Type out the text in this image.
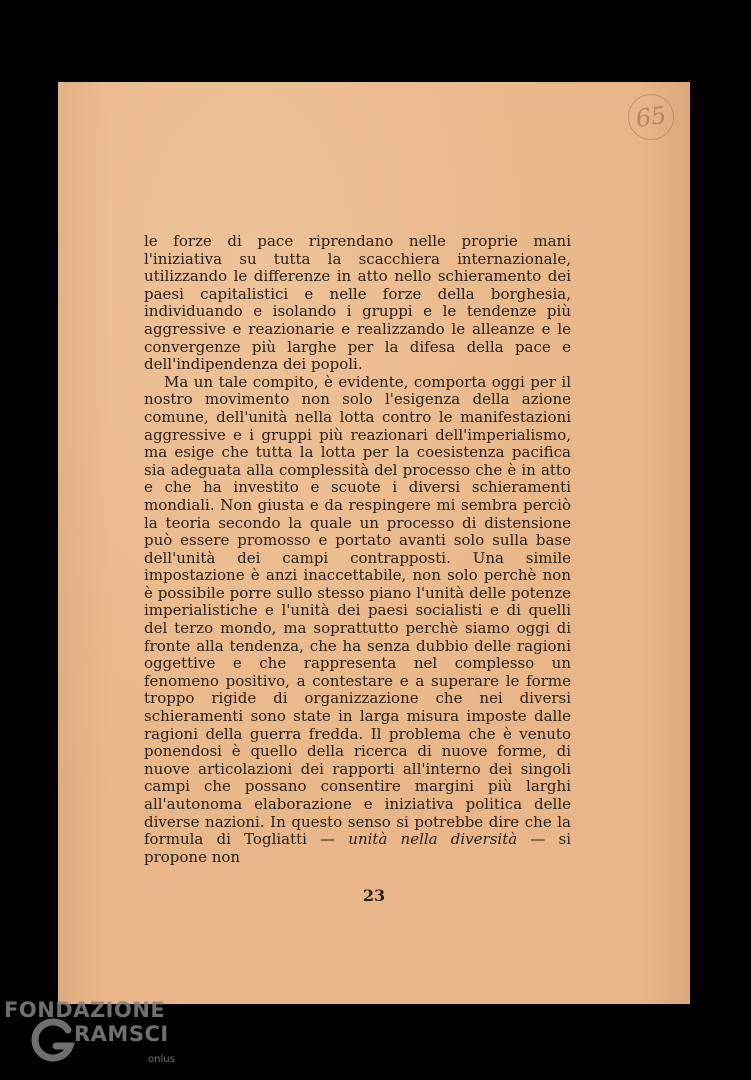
65

le forze di pace riprendano nelle proprie mani l'iniziativa su tutta la scacchiera internazionale, utilizzando le differenze in atto nello schieramento dei paesi capitalistici e nelle forze della borghesia, individuando e isolando i gruppi e le tendenze più aggressive e reazionarie e realizzando le alleanze e le convergenze più larghe per la difesa della pace e dell'indipendenza dei popoli.

Ma un tale compito, è evidente, comporta oggi per il nostro movimento non solo l'esigenza della azione comune, dell'unità nella lotta contro le manifestazioni aggressive e i gruppi più reazionari dell'imperialismo, ma esige che tutta la lotta per la coesistenza pacifica sia adeguata alla complessità del processo che è in atto e che ha investito e scuote i diversi schieramenti mondiali. Non giusta e da respingere mi sembra perciò la teoria secondo la quale un processo di distensione può essere promosso e portato avanti solo sulla base dell'unità dei campi contrapposti. Una simile impostazione è anzi inaccettabile, non solo perchè non è possibile porre sullo stesso piano l'unità delle potenze imperialistiche e l'unità dei paesi socialisti e di quelli del terzo mondo, ma soprattutto perchè siamo oggi di fronte alla tendenza, che ha senza dubbio delle ragioni oggettive e che rappresenta nel complesso un fenomeno positivo, a contestare e a superare le forme troppo rigide di organizzazione che nei diversi schieramenti sono state in larga misura imposte dalle ragioni della guerra fredda. Il problema che è venuto ponendosi è quello della ricerca di nuove forme, di nuove articolazioni dei rapporti all'interno dei singoli campi che possano consentire margini più larghi all'autonoma elaborazione e iniziativa politica delle diverse nazioni. In questo senso si potrebbe dire che la formula di Togliatti — unità nella diversità — si propone non

23
FONDAZIONE
RAMSCI
onlus
